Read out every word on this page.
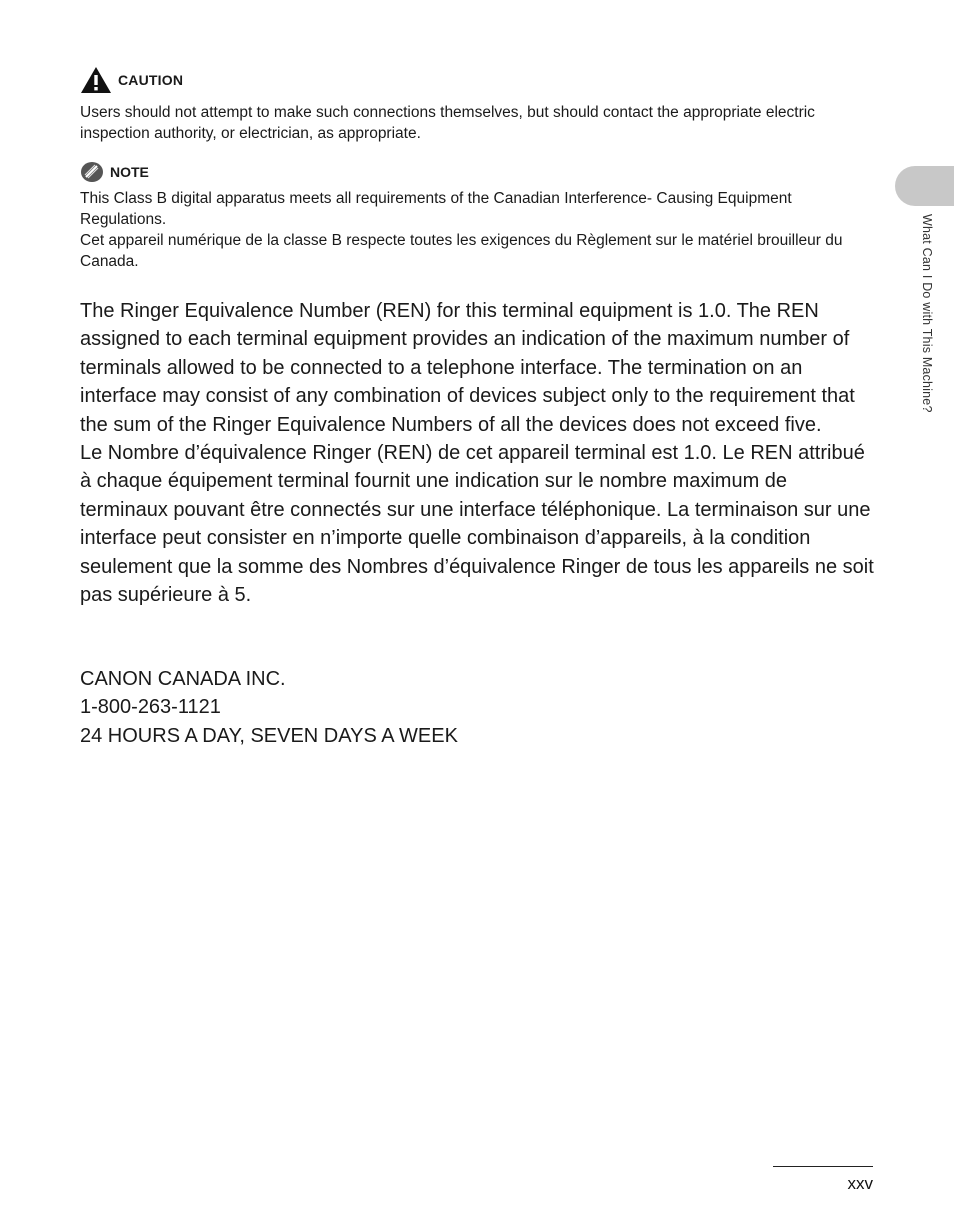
CAUTION

Users should not attempt to make such connections themselves, but should contact the appropriate electric inspection authority, or electrician, as appropriate.

NOTE

This Class B digital apparatus meets all requirements of the Canadian Interference- Causing Equipment Regulations.

Cet appareil numérique de la classe B respecte toutes les exigences du Règlement sur le matériel brouilleur du Canada.

The Ringer Equivalence Number (REN) for this terminal equipment is 1.0. The REN assigned to each terminal equipment provides an indication of the maximum number of terminals allowed to be connected to a telephone interface. The termination on an interface may consist of any combination of devices subject only to the requirement that the sum of the Ringer Equivalence Numbers of all the devices does not exceed five.

Le Nombre d’équivalence Ringer (REN) de cet appareil terminal est 1.0. Le REN attribué à chaque équipement terminal fournit une indication sur le nombre maximum de terminaux pouvant être connectés sur une interface téléphonique. La terminaison sur une interface peut consister en n’importe quelle combinaison d’appareils, à la condition seulement que la somme des Nombres d’équivalence Ringer de tous les appareils ne soit pas supérieure à 5.

CANON CANADA INC.

1-800-263-1121

24 HOURS A DAY, SEVEN DAYS A WEEK

What Can I Do with This Machine?
xxv
